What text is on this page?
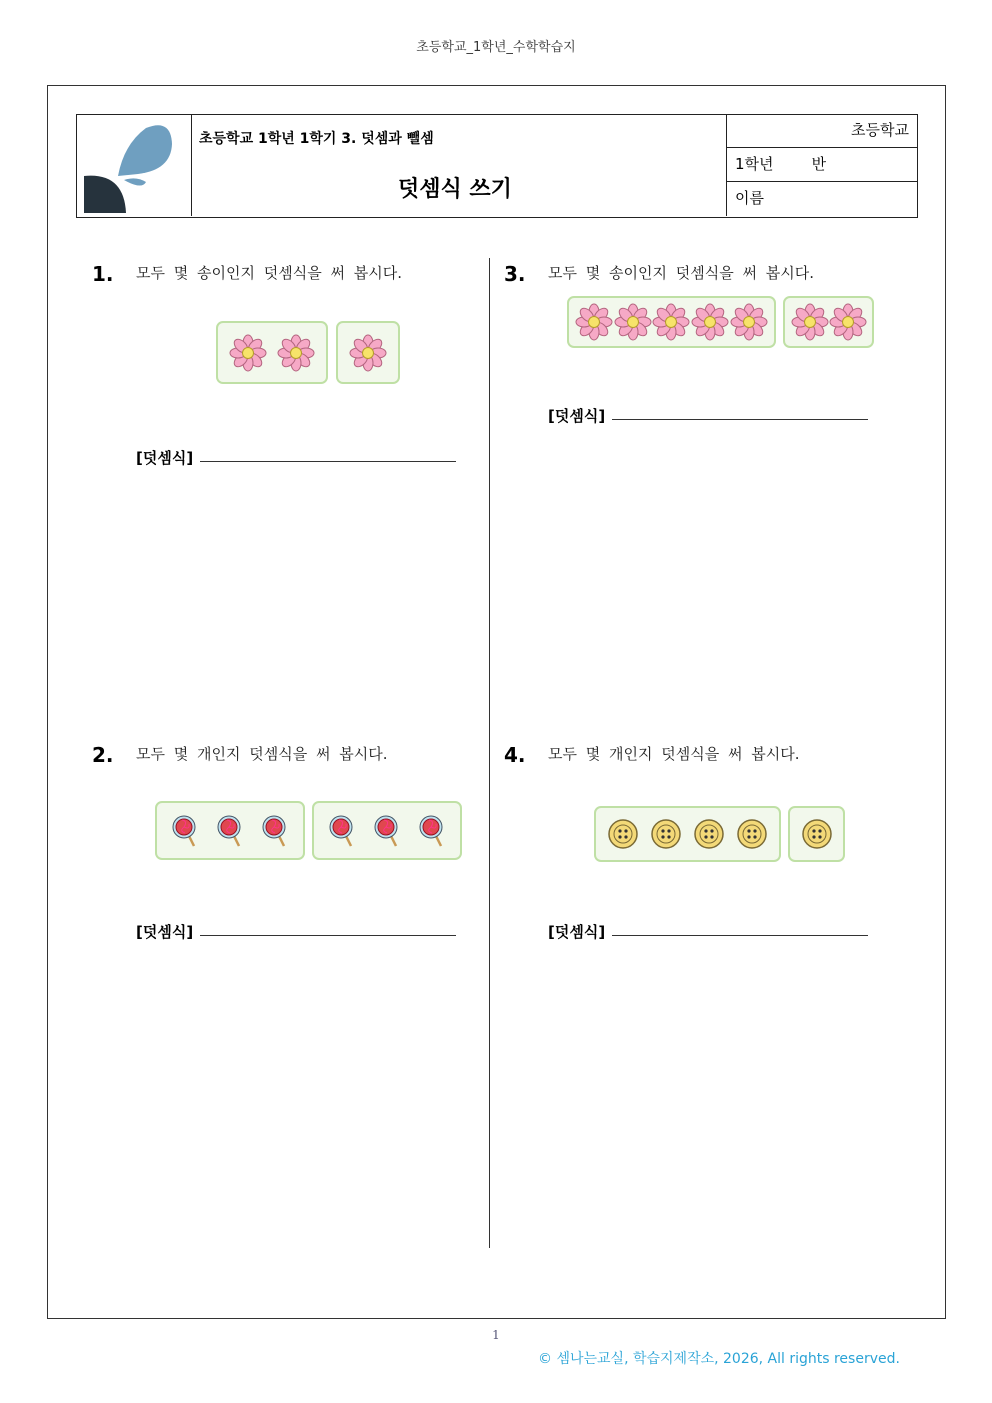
초등학교_1학년_수학학습지
초등학교 1학년 1학기 3. 덧셈과 뺄셈
덧셈식 쓰기
초등학교
1학년        반
이름
1. 모두 몇 송이인지 덧셈식을 써 봅시다.
[덧셈식]
2. 모두 몇 개인지 덧셈식을 써 봅시다.
[덧셈식]
3. 모두 몇 송이인지 덧셈식을 써 봅시다.
[덧셈식]
4. 모두 몇 개인지 덧셈식을 써 봅시다.
[덧셈식]
1
© 셈나는교실, 학습지제작소, 2026, All rights reserved.
